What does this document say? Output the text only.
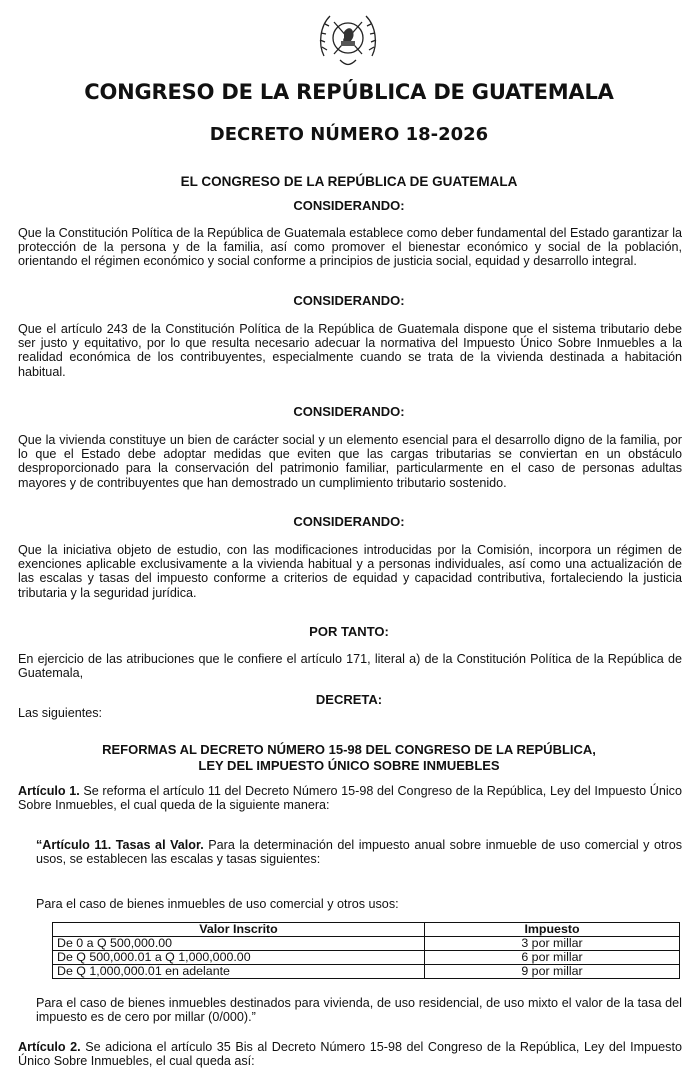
CONGRESO DE LA REPÚBLICA DE GUATEMALA
DECRETO NÚMERO 18-2026
EL CONGRESO DE LA REPÚBLICA DE GUATEMALA
CONSIDERANDO:
Que la Constitución Política de la República de Guatemala establece como deber fundamental del Estado garantizar la protección de la persona y de la familia, así como promover el bienestar económico y social de la población, orientando el régimen económico y social conforme a principios de justicia social, equidad y desarrollo integral.
CONSIDERANDO:
Que el artículo 243 de la Constitución Política de la República de Guatemala dispone que el sistema tributario debe ser justo y equitativo, por lo que resulta necesario adecuar la normativa del Impuesto Único Sobre Inmuebles a la realidad económica de los contribuyentes, especialmente cuando se trata de la vivienda destinada a habitación habitual.
CONSIDERANDO:
Que la vivienda constituye un bien de carácter social y un elemento esencial para el desarrollo digno de la familia, por lo que el Estado debe adoptar medidas que eviten que las cargas tributarias se conviertan en un obstáculo desproporcionado para la conservación del patrimonio familiar, particularmente en el caso de personas adultas mayores y de contribuyentes que han demostrado un cumplimiento tributario sostenido.
CONSIDERANDO:
Que la iniciativa objeto de estudio, con las modificaciones introducidas por la Comisión, incorpora un régimen de exenciones aplicable exclusivamente a la vivienda habitual y a personas individuales, así como una actualización de las escalas y tasas del impuesto conforme a criterios de equidad y capacidad contributiva, fortaleciendo la justicia tributaria y la seguridad jurídica.
POR TANTO:
En ejercicio de las atribuciones que le confiere el artículo 171, literal a) de la Constitución Política de la República de Guatemala,
DECRETA:
Las siguientes:
REFORMAS AL DECRETO NÚMERO 15-98 DEL CONGRESO DE LA REPÚBLICA,
LEY DEL IMPUESTO ÚNICO SOBRE INMUEBLES
Artículo 1. Se reforma el artículo 11 del Decreto Número 15-98 del Congreso de la República, Ley del Impuesto Único Sobre Inmuebles, el cual queda de la siguiente manera:
“Artículo 11. Tasas al Valor. Para la determinación del impuesto anual sobre inmueble de uso comercial y otros usos, se establecen las escalas y tasas siguientes:
Para el caso de bienes inmuebles de uso comercial y otros usos:
Valor Inscrito	Impuesto
De 0 a Q 500,000.00	3 por millar
De Q 500,000.01 a Q 1,000,000.00	6 por millar
De Q 1,000,000.01 en adelante	9 por millar
Para el caso de bienes inmuebles destinados para vivienda, de uso residencial, de uso mixto el valor de la tasa del impuesto es de cero por millar (0/000).”
Artículo 2. Se adiciona el artículo 35 Bis al Decreto Número 15-98 del Congreso de la República, Ley del Impuesto Único Sobre Inmuebles, el cual queda así:
